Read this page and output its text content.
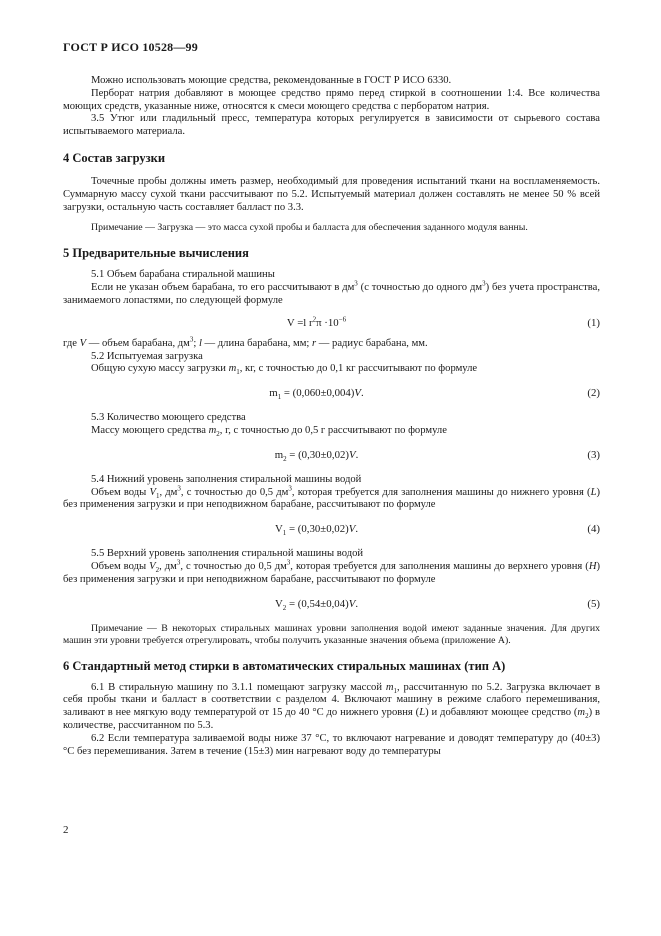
ГОСТ Р ИСО 10528—99

Можно использовать моющие средства, рекомендованные в ГОСТ Р ИСО 6330.

Перборат натрия добавляют в моющее средство прямо перед стиркой в соотношении 1:4. Все количества моющих средств, указанные ниже, относятся к смеси моющего средства с перборатом натрия.

3.5 Утюг или гладильный пресс, температура которых регулируется в зависимости от сырьевого состава испытываемого материала.

4 Состав загрузки

Точечные пробы должны иметь размер, необходимый для проведения испытаний ткани на воспламеняемость. Суммарную массу сухой ткани рассчитывают по 5.2. Испытуемый материал должен составлять не менее 50 % всей загрузки, остальную часть составляет балласт по 3.3.

Примечание — Загрузка — это масса сухой пробы и балласта для обеспечения заданного модуля ванны.

5 Предварительные вычисления

5.1 Объем барабана стиральной машины

Если не указан объем барабана, то его рассчитывают в $дм^3$ (с точностью до одного $дм^3$) без учета пространства, занимаемого лопастями, по следующей формуле

V =l $r^2\pi \cdot 10^{-6}$	(1)

где V — объем барабана, $дм^3$; l — длина барабана, мм; r — радиус барабана, мм.

5.2 Испытуемая загрузка

Общую сухую массу загрузки $m_1$, кг, с точностью до 0,1 кг рассчитывают по формуле

$m_1 = (0,060\pm 0,004)V$.	(2)

5.3 Количество моющего средства

Массу моющего средства $m_2$, г, с точностью до 0,5 г рассчитывают по формуле

$m_2 = (0,30\pm 0,02)V$.	(3)

5.4 Нижний уровень заполнения стиральной машины водой

Объем воды $V_1$, $дм^3$, с точностью до 0,5 $дм^3$, которая требуется для заполнения машины до нижнего уровня (L) без применения загрузки и при неподвижном барабане, рассчитывают по формуле

$V_1 = (0,30\pm 0,02)V$.	(4)

5.5 Верхний уровень заполнения стиральной машины водой

Объем воды $V_2$, $дм^3$, с точностью до 0,5 $дм^3$, которая требуется для заполнения машины до верхнего уровня (H) без применения загрузки и при неподвижном барабане, рассчитывают по формуле

$V_2 = (0,54\pm 0,04)V$.	(5)

Примечание — В некоторых стиральных машинах уровни заполнения водой имеют заданные значения. Для других машин эти уровни требуется отрегулировать, чтобы получить указанные значения объема (приложение А).

6 Стандартный метод стирки в автоматических стиральных машинах (тип А)

6.1 В стиральную машину по 3.1.1 помещают загрузку массой $m_1$, рассчитанную по 5.2. Загрузка включает в себя пробы ткани и балласт в соответствии с разделом 4. Включают машину в режиме слабого перемешивания, заливают в нее мягкую воду температурой от 15 до 40 °С до нижнего уровня (L) и добавляют моющее средство $(m_2)$ в количестве, рассчитанном по 5.3.

6.2 Если температура заливаемой воды ниже 37 °С, то включают нагревание и доводят температуру до (40±3) °С без перемешивания. Затем в течение (15±3) мин нагревают воду до температуры

2
